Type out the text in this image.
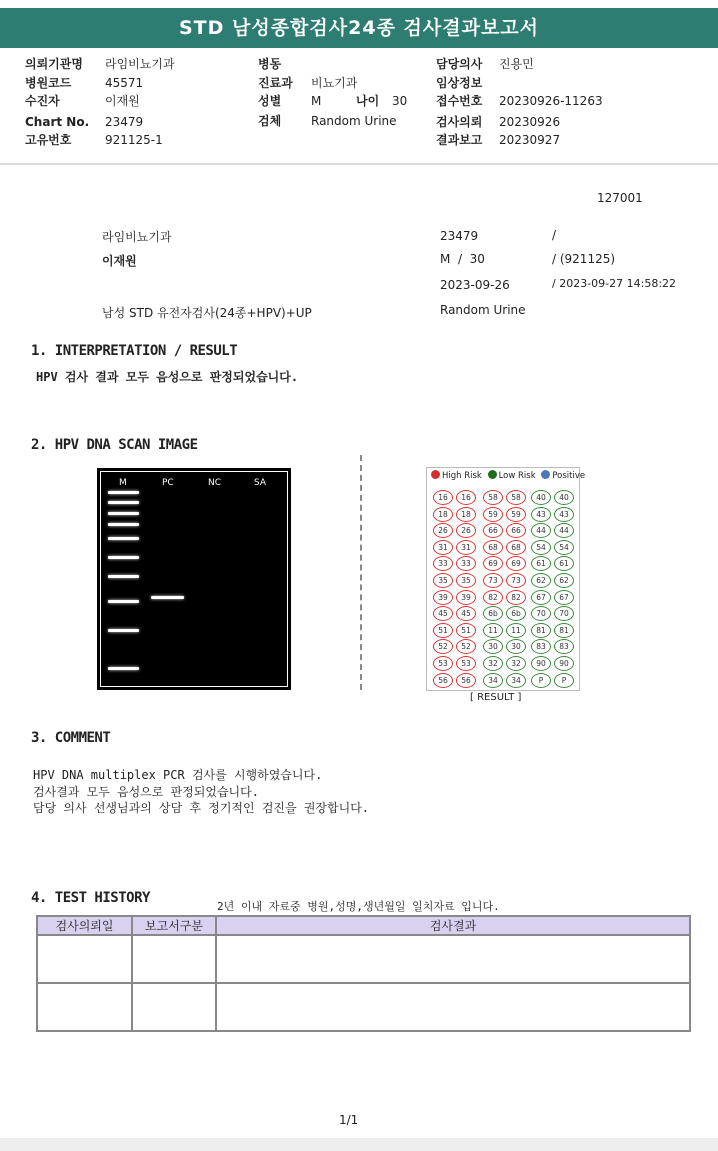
STD 남성종합검사24종 검사결과보고서
의뢰기관명 라임비뇨기과
병원코드	45571
수진자	이재원
Chart No. 23479
고유번호	921125-1
병동
진료과 비뇨기과
성별 M	나이 30
검체 Random Urine
담당의사 진용민
임상정보
접수번호 20230926-11263
검사의뢰 20230926
결과보고 20230927
127001
라임비뇨기과
이재원
남성 STD 유전자검사(24종+HPV)+UP
23479	/
M  /  30	/ (921125)
2023-09-26	/ 2023-09-27 14:58:22
Random Urine
1. INTERPRETATION / RESULT
HPV 검사 결과 모두 음성으로 판정되었습니다.
2. HPV DNA SCAN IMAGE
M	PC	NC	SA
High Risk Low Risk Positive
16	16	58	58	40	40
18	18	59	59	43	43
26	26	66	66	44	44
31	31	68	68	54	54
33	33	69	69	61	61
35	35	73	73	62	62
39	39	82	82	67	67
45	45	6b	6b	70	70
51	51	11	11	81	81
52	52	30	30	83	83
53	53	32	32	90	90
56	56	34	34	P	P
[ RESULT ]
3. COMMENT
HPV DNA multiplex PCR 검사를 시행하였습니다.
검사결과 모두 음성으로 판정되었습니다.
담당 의사 선생님과의 상담 후 정기적인 검진을 권장합니다.
4. TEST HISTORY
2년 이내 자료중 병원,성명,생년월일 일치자료 입니다.
검사의뢰일	보고서구분	검사결과

1/1
